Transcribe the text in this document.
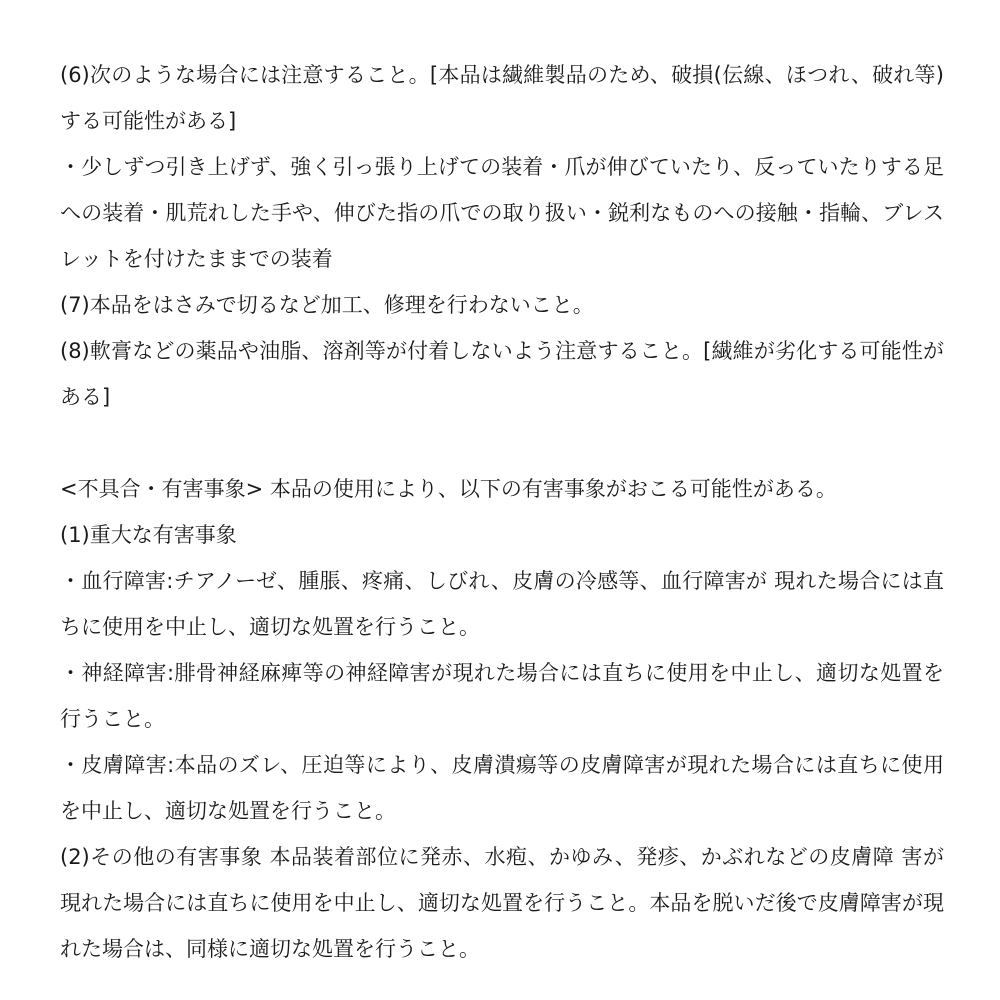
(6)次のような場合には注意すること。[本品は繊維製品のため、破損(伝線、ほつれ、破れ等)する可能性がある]

・少しずつ引き上げず、強く引っ張り上げての装着・爪が伸びていたり、反っていたりする足への装着・肌荒れした手や、伸びた指の爪での取り扱い・鋭利なものへの接触・指輪、ブレスレットを付けたままでの装着

(7)本品をはさみで切るなど加工、修理を行わないこと。

(8)軟膏などの薬品や油脂、溶剤等が付着しないよう注意すること。[繊維が劣化する可能性がある]

<不具合・有害事象> 本品の使用により、以下の有害事象がおこる可能性がある。

(1)重大な有害事象

・血行障害:チアノーゼ、腫脹、疼痛、しびれ、皮膚の冷感等、血行障害が 現れた場合には直ちに使用を中止し、適切な処置を行うこと。

・神経障害:腓骨神経麻痺等の神経障害が現れた場合には直ちに使用を中止し、適切な処置を行うこと。

・皮膚障害:本品のズレ、圧迫等により、皮膚潰瘍等の皮膚障害が現れた場合には直ちに使用を中止し、適切な処置を行うこと。

(2)その他の有害事象 本品装着部位に発赤、水疱、かゆみ、発疹、かぶれなどの皮膚障 害が現れた場合には直ちに使用を中止し、適切な処置を行うこと。本品を脱いだ後で皮膚障害が現れた場合は、同様に適切な処置を行うこと。
